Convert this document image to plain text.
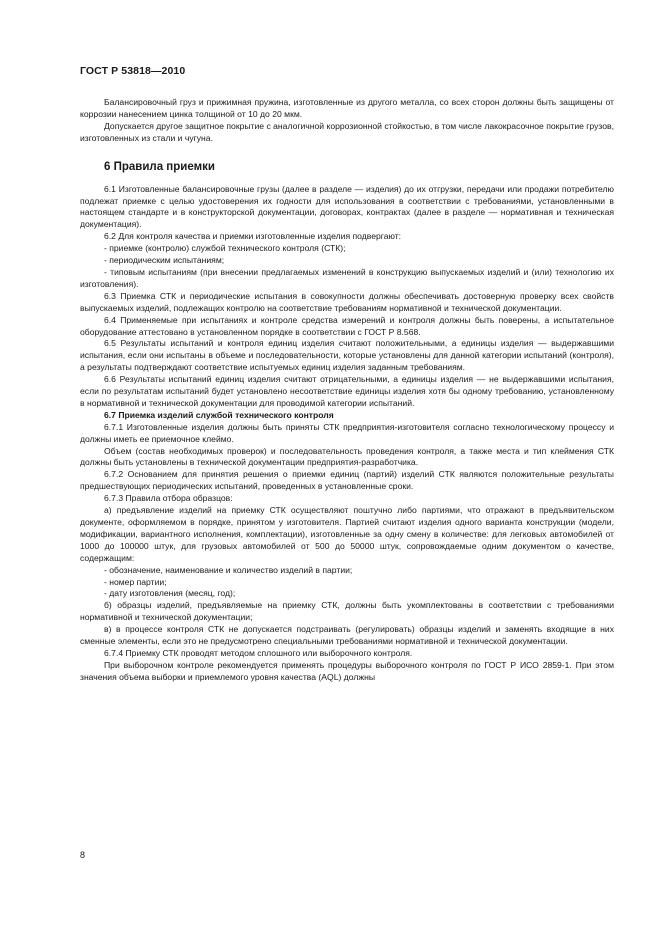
ГОСТ Р 53818—2010

Балансировочный груз и прижимная пружина, изготовленные из другого металла, со всех сторон должны быть защищены от коррозии нанесением цинка толщиной от 10 до 20 мкм.

Допускается другое защитное покрытие с аналогичной коррозионной стойкостью, в том числе лакокрасочное покрытие грузов, изготовленных из стали и чугуна.

6 Правила приемки

6.1 Изготовленные балансировочные грузы (далее в разделе — изделия) до их отгрузки, передачи или продажи потребителю подлежат приемке с целью удостоверения их годности для использования в соответствии с требованиями, установленными в настоящем стандарте и в конструкторской документации, договорах, контрактах (далее в разделе — нормативная и техническая документация).

6.2 Для контроля качества и приемки изготовленные изделия подвергают:

- приемке (контролю) службой технического контроля (СТК);

- периодическим испытаниям;

- типовым испытаниям (при внесении предлагаемых изменений в конструкцию выпускаемых изделий и (или) технологию их изготовления).

6.3 Приемка СТК и периодические испытания в совокупности должны обеспечивать достоверную проверку всех свойств выпускаемых изделий, подлежащих контролю на соответствие требованиям нормативной и технической документации.

6.4 Применяемые при испытаниях и контроле средства измерений и контроля должны быть поверены, а испытательное оборудование аттестовано в установленном порядке в соответствии с ГОСТ Р 8.568.

6.5 Результаты испытаний и контроля единиц изделия считают положительными, а единицы изделия — выдержавшими испытания, если они испытаны в объеме и последовательности, которые установлены для данной категории испытаний (контроля), а результаты подтверждают соответствие испытуемых единиц изделия заданным требованиям.

6.6 Результаты испытаний единиц изделия считают отрицательными, а единицы изделия — не выдержавшими испытания, если по результатам испытаний будет установлено несоответствие единицы изделия хотя бы одному требованию, установленному в нормативной и технической документации для проводимой категории испытаний.

6.7 Приемка изделий службой технического контроля

6.7.1 Изготовленные изделия должны быть приняты СТК предприятия-изготовителя согласно технологическому процессу и должны иметь ее приемочное клеймо.

Объем (состав необходимых проверок) и последовательность проведения контроля, а также места и тип клеймения СТК должны быть установлены в технической документации предприятия-разработчика.

6.7.2 Основанием для принятия решения о приемки единиц (партий) изделий СТК являются положительные результаты предшествующих периодических испытаний, проведенных в установленные сроки.

6.7.3 Правила отбора образцов:

а) предъявление изделий на приемку СТК осуществляют поштучно либо партиями, что отражают в предъявительском документе, оформляемом в порядке, принятом у изготовителя. Партией считают изделия одного варианта конструкции (модели, модификации, вариантного исполнения, комплектации), изготовленные за одну смену в количестве: для легковых автомобилей от 1000 до 100000 штук, для грузовых автомобилей от 500 до 50000 штук, сопровождаемые одним документом о качестве, содержащим:

- обозначение, наименование и количество изделий в партии;

- номер партии;

- дату изготовления (месяц, год);

б) образцы изделий, предъявляемые на приемку СТК, должны быть укомплектованы в соответствии с требованиями нормативной и технической документации;

в) в процессе контроля СТК не допускается подстраивать (регулировать) образцы изделий и заменять входящие в них сменные элементы, если это не предусмотрено специальными требованиями нормативной и технической документации.

6.7.4 Приемку СТК проводят методом сплошного или выборочного контроля.

При выборочном контроле рекомендуется применять процедуры выборочного контроля по ГОСТ Р ИСО 2859-1. При этом значения объема выборки и приемлемого уровня качества (AQL) должны

8
